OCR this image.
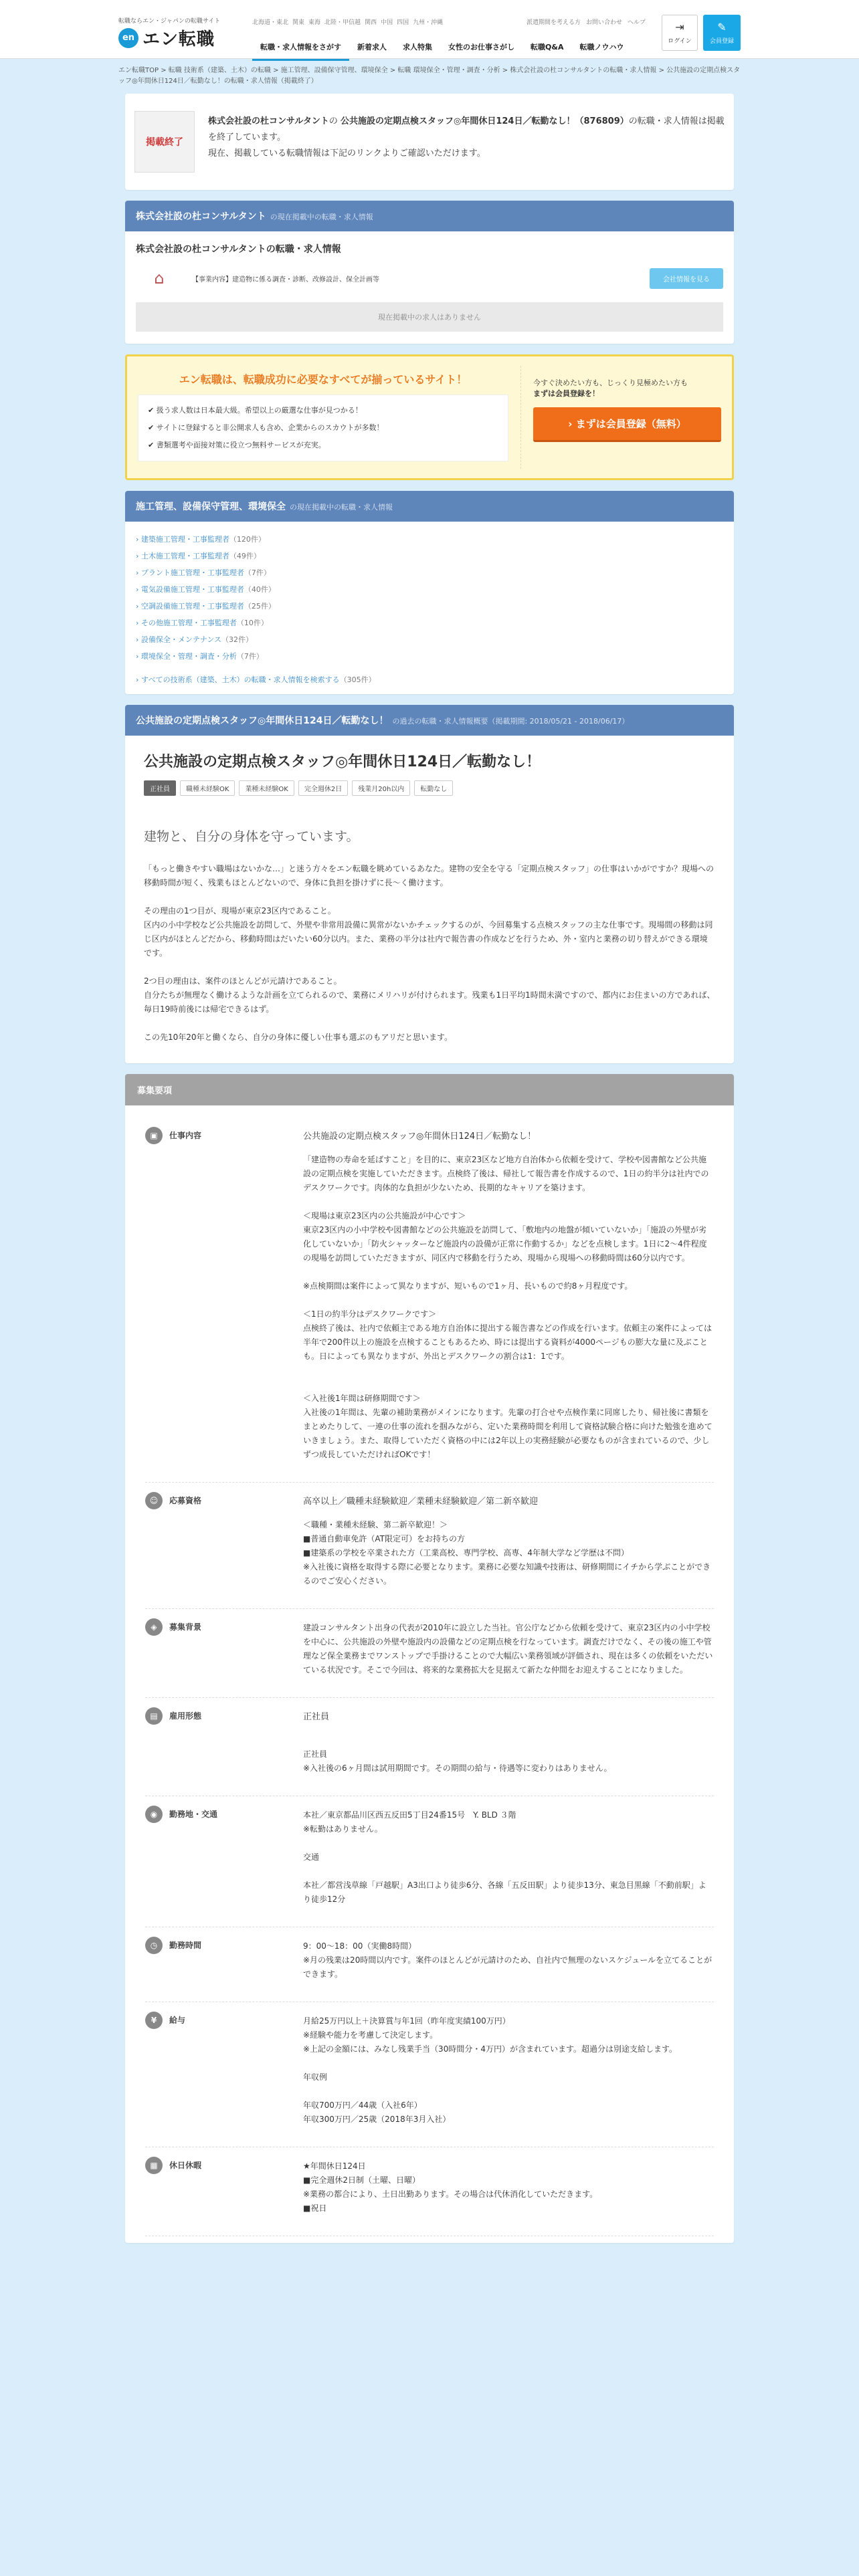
転職ならエン・ジャパンの転職サイト
en エン転職
北海道・東北 関東 東海 北陸・甲信越 関西 中国 四国 九州・沖縄	派遣期間を考える方 お問い合わせ ヘルプ
転職・求人情報をさがす	新着求人	求人特集	女性のお仕事さがし	転職Q&A	転職ノウハウ
⇥
ログイン
✎
会員登録
エン転職TOP > 転職 技術系（建築、土木）の転職 > 施工管理、設備保守管理、環境保全 > 転職 環境保全・管理・調査・分析 > 株式会社設の杜コンサルタントの転職・求人情報 > 公共施設の定期点検スタッフ◎年間休日124日／転勤なし！の転職・求人情報（掲載終了）
掲載終了
株式会社設の杜コンサルタントの 公共施設の定期点検スタッフ◎年間休日124日／転勤なし！（876809）の転職・求人情報は掲載を終了しています。
現在、掲載している転職情報は下記のリンクよりご確認いただけます。
株式会社設の杜コンサルタント の現在掲載中の転職・求人情報
株式会社設の杜コンサルタントの転職・求人情報
⌂	【事業内容】建造物に係る調査・診断、改修設計、保全計画等	会社情報を見る
現在掲載中の求人はありません
エン転職は、転職成功に必要なすべてが揃っているサイト！
✔ 扱う求人数は日本最大級。希望以上の厳選な仕事が見つかる！
✔ サイトに登録すると非公開求人も含め、企業からのスカウトが多数！
✔ 書類選考や面接対策に役立つ無料サービスが充実。
今すぐ決めたい方も、じっくり見極めたい方も
まずは会員登録を！
› まずは会員登録（無料）
施工管理、設備保守管理、環境保全 の現在掲載中の転職・求人情報
› 建築施工管理・工事監理者（120件）
› 土木施工管理・工事監理者（49件）
› プラント施工管理・工事監理者（7件）
› 電気設備施工管理・工事監理者（40件）
› 空調設備施工管理・工事監理者（25件）
› その他施工管理・工事監理者（10件）
› 設備保全・メンテナンス（32件）
› 環境保全・管理・調査・分析（7件）
› すべての技術系（建築、土木）の転職・求人情報を検索する（305件）
公共施設の定期点検スタッフ◎年間休日124日／転勤なし！ の過去の転職・求人情報概要（掲載期間: 2018/05/21 - 2018/06/17）
公共施設の定期点検スタッフ◎年間休日124日／転勤なし！
正社員	職種未経験OK	業種未経験OK	完全週休2日	残業月20h以内	転勤なし
建物と、自分の身体を守っています。
「もっと働きやすい職場はないかな…」と迷う方々をエン転職を眺めているあなた。建物の安全を守る「定期点検スタッフ」の仕事はいかがですか？現場への移動時間が短く、残業もほとんどないので、身体に負担を掛けずに長～く働けます。

その理由の1つ目が、現場が東京23区内であること。
区内の小中学校など公共施設を訪問して、外壁や非常用設備に異常がないかチェックするのが、今回募集する点検スタッフの主な仕事です。現場間の移動は同じ区内がほとんどだから、移動時間はだいたい60分以内。また、業務の半分は社内で報告書の作成などを行うため、外・室内と業務の切り替えができる環境です。

2つ目の理由は、案件のほとんどが元請けであること。
自分たちが無理なく働けるような計画を立てられるので、業務にメリハリが付けられます。残業も1日平均1時間未満ですので、都内にお住まいの方であれば、毎日19時前後には帰宅できるはず。

この先10年20年と働くなら、自分の身体に優しい仕事も選ぶのもアリだと思います。
募集要項
▣	仕事内容	公共施設の定期点検スタッフ◎年間休日124日／転勤なし！
「建造物の寿命を延ばすこと」を目的に、東京23区など地方自治体から依頼を受けて、学校や図書館など公共施設の定期点検を実施していただきます。点検終了後は、帰社して報告書を作成するので、1日の約半分は社内でのデスクワークです。肉体的な負担が少ないため、長期的なキャリアを築けます。

＜現場は東京23区内の公共施設が中心です＞
東京23区内の小中学校や図書館などの公共施設を訪問して、「敷地内の地盤が傾いていないか」「施設の外壁が劣化していないか」「防火シャッターなど施設内の設備が正常に作動するか」などを点検します。1日に2～4件程度の現場を訪問していただきますが、同区内で移動を行うため、現場から現場への移動時間は60分以内です。

※点検期間は案件によって異なりますが、短いもので1ヶ月、長いもので約8ヶ月程度です。

＜1日の約半分はデスクワークです＞
点検終了後は、社内で依頼主である地方自治体に提出する報告書などの作成を行います。依頼主の案件によっては半年で200件以上の施設を点検することもあるため、時には提出する資料が4000ページもの膨大な量に及ぶことも。日によっても異なりますが、外出とデスクワークの割合は1：1です。

＜入社後1年間は研修期間です＞
入社後の1年間は、先輩の補助業務がメインになります。先輩の打合せや点検作業に同席したり、帰社後に書類をまとめたりして、一連の仕事の流れを掴みながら、定いた業務時間を利用して資格試験合格に向けた勉強を進めていきましょう。また、取得していただく資格の中には2年以上の実務経験が必要なものが含まれているので、少しずつ成長していただければOKです！
☺	応募資格	高卒以上／職種未経験歓迎／業種未経験歓迎／第二新卒歓迎
＜職種・業種未経験、第二新卒歓迎！＞
■普通自動車免許（AT限定可）をお持ちの方
■建築系の学校を卒業された方（工業高校、専門学校、高専、4年制大学など学歴は不問）
※入社後に資格を取得する際に必要となります。業務に必要な知識や技術は、研修期間にイチから学ぶことができるのでご安心ください。
◈	募集背景	建設コンサルタント出身の代表が2010年に設立した当社。官公庁などから依頼を受けて、東京23区内の小中学校を中心に、公共施設の外壁や施設内の設備などの定期点検を行なっています。調査だけでなく、その後の施工や管理など保全業務までワンストップで手掛けることので大幅広い業務領域が評価され、現在は多くの依頼をいただいている状況です。そこで今回は、将来的な業務拡大を見据えて新たな仲間をお迎えすることになりました。
▤	雇用形態	正社員

正社員
※入社後の6ヶ月間は試用期間です。その期間の給与・待遇等に変わりはありません。
◉	勤務地・交通	本社／東京都品川区西五反田5丁目24番15号　Y. BLD ３階
※転勤はありません。

交通

本社／都営浅草線「戸越駅」A3出口より徒歩6分、各線「五反田駅」より徒歩13分、東急目黒線「不動前駅」より徒歩12分
◷	勤務時間	9：00～18：00（実働8時間）
※月の残業は20時間以内です。案件のほとんどが元請けのため、自社内で無理のないスケジュールを立てることができます。
¥	給与	月給25万円以上＋決算賞与年1回（昨年度実績100万円）
※経験や能力を考慮して決定します。
※上記の金額には、みなし残業手当（30時間分・4万円）が含まれています。超過分は別途支給します。

年収例

年収700万円／44歳（入社6年）
年収300万円／25歳（2018年3月入社）
▦	休日休暇	★年間休日124日
■完全週休2日制（土曜、日曜）
※業務の都合により、土日出勤あります。その場合は代休消化していただきます。
■祝日
